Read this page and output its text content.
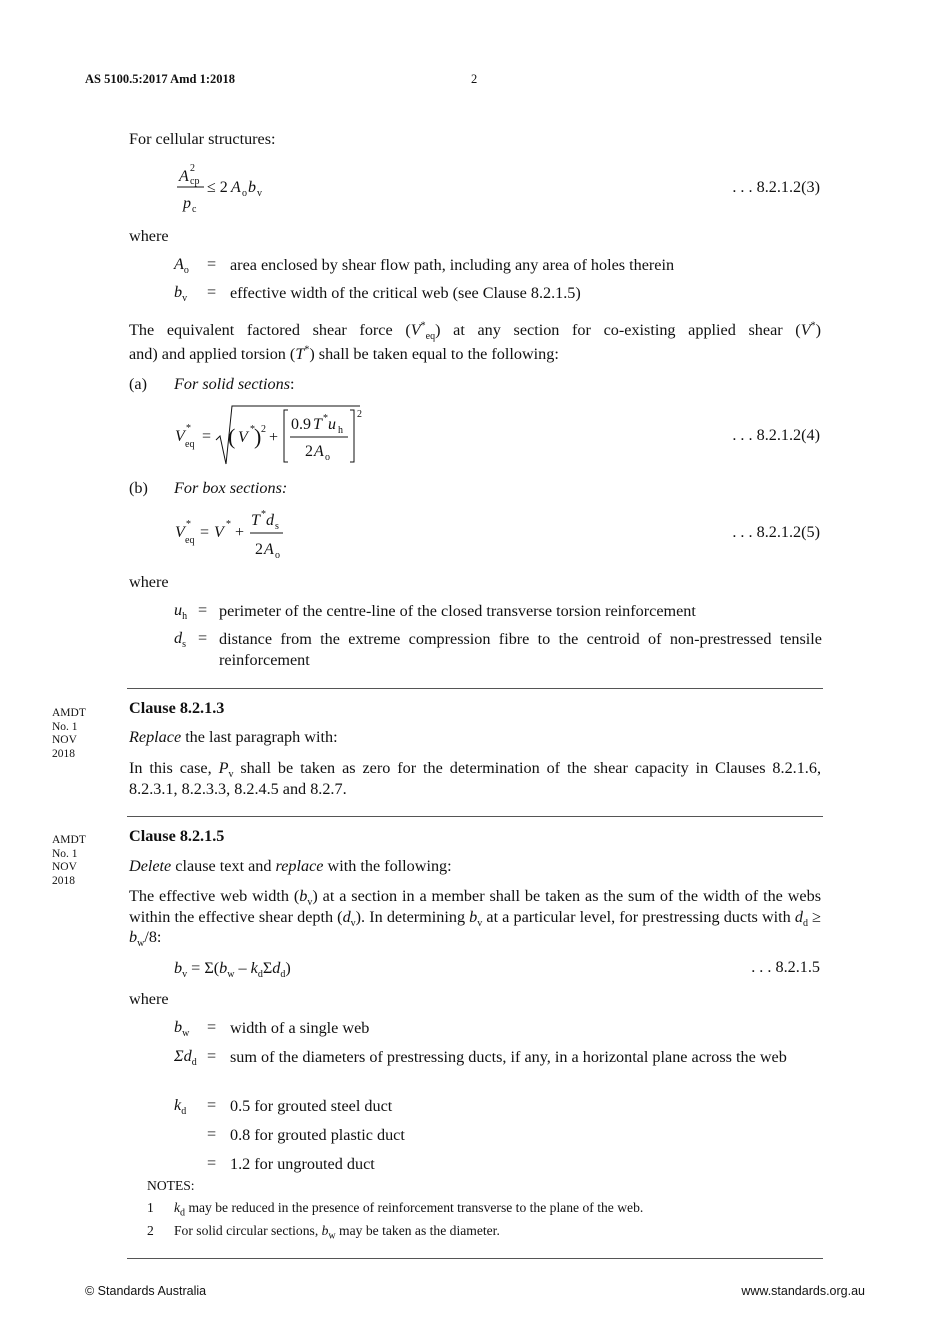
AS 5100.5:2017 Amd 1:2018	2
For cellular structures:
A 2
cp
p c
≤ 2 A o b v	. . . 8.2.1.2(3)
where
$A_o$ = area enclosed by shear flow path, including any area of holes therein
$b_v$ = effective width of the critical web (see Clause 8.2.1.5)
The equivalent factored shear force $(V^*_{eq})$ at any section for co-existing applied shear (V*)
and) and applied torsion (T*) shall be taken equal to the following:
(a) For solid sections:
V *
eq = ( V * ) 2 +
0.9 T * u h
2 A o
2
. . . 8.2.1.2(4)
(b) For box sections:
V *
eq = V * +
T * d s
2 A o
. . . 8.2.1.2(5)
where
$u_h$ = perimeter of the centre-line of the closed transverse torsion reinforcement
$d_s$ = distance from the extreme compression fibre to the centroid of non-prestressed tensile reinforcement
AMDT
No. 1
NOV
2018
Clause 8.2.1.3
Replace the last paragraph with:
In this case, $P_v$ shall be taken as zero for the determination of the shear capacity in Clauses 8.2.1.6, 8.2.3.1, 8.2.3.3, 8.2.4.5 and 8.2.7.
AMDT
No. 1
NOV
2018
Clause 8.2.1.5
Delete clause text and replace with the following:
The effective web width $(b_v)$ at a section in a member shall be taken as the sum of the width of the webs within the effective shear depth $(d_v)$. In determining $b_v$ at a particular level, for prestressing ducts with $d_d \ge b_w/8$:
$b_v = \Sigma(b_w - k_d\Sigma d_d)$	. . . 8.2.1.5
where
$b_w$ = width of a single web
$\Sigma d_d$ = sum of the diameters of prestressing ducts, if any, in a horizontal plane across the web
$k_d = 0.5$ for grouted steel duct
= 0.8 for grouted plastic duct
= 1.2 for ungrouted duct
NOTES:
1 $k_d$ may be reduced in the presence of reinforcement transverse to the plane of the web.
2 For solid circular sections, $b_w$ may be taken as the diameter.
© Standards Australia	www.standards.org.au
